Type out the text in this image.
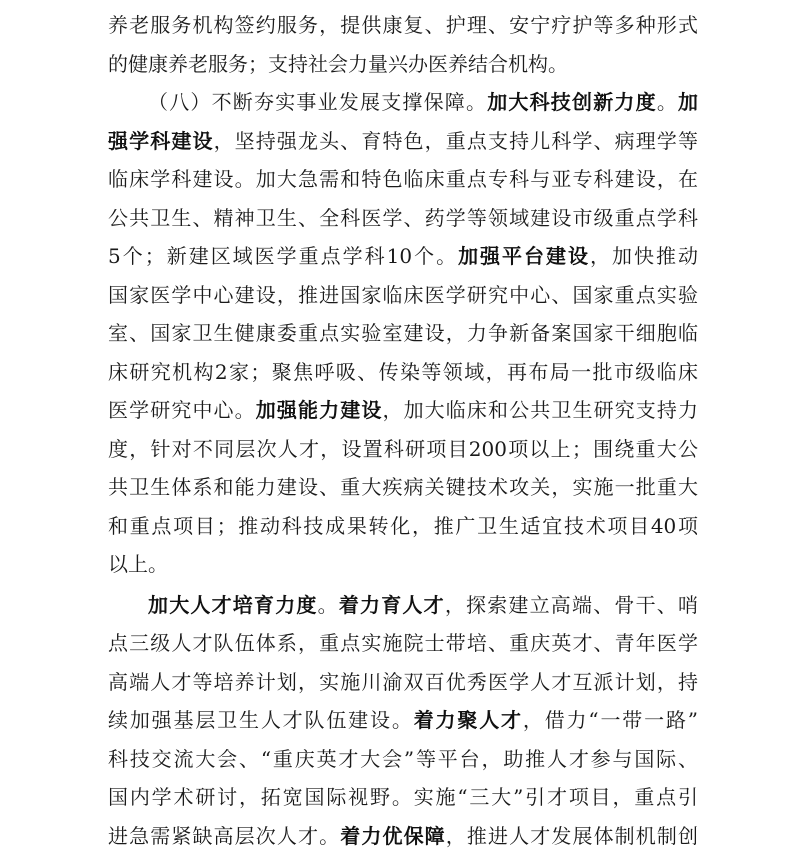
养老服务机构签约服务，提供康复、护理、安宁疗护等多种形式
的健康养老服务；支持社会力量兴办医养结合机构。
（八）不断夯实事业发展支撑保障。加大科技创新力度。加
强学科建设，坚持强龙头、育特色，重点支持儿科学、病理学等
临床学科建设。加大急需和特色临床重点专科与亚专科建设，在
公共卫生、精神卫生、全科医学、药学等领域建设市级重点学科
5个；新建区域医学重点学科10个。加强平台建设，加快推动
国家医学中心建设，推进国家临床医学研究中心、国家重点实验
室、国家卫生健康委重点实验室建设，力争新备案国家干细胞临
床研究机构2家；聚焦呼吸、传染等领域，再布局一批市级临床
医学研究中心。加强能力建设，加大临床和公共卫生研究支持力
度，针对不同层次人才，设置科研项目200项以上；围绕重大公
共卫生体系和能力建设、重大疾病关键技术攻关，实施一批重大
和重点项目；推动科技成果转化，推广卫生适宜技术项目40项
以上。
加大人才培育力度。着力育人才，探索建立高端、骨干、哨
点三级人才队伍体系，重点实施院士带培、重庆英才、青年医学
高端人才等培养计划，实施川渝双百优秀医学人才互派计划，持
续加强基层卫生人才队伍建设。着力聚人才，借力“一带一路”
科技交流大会、“重庆英才大会”等平台，助推人才参与国际、
国内学术研讨，拓宽国际视野。实施“三大”引才项目，重点引
进急需紧缺高层次人才。着力优保障，推进人才发展体制机制创
